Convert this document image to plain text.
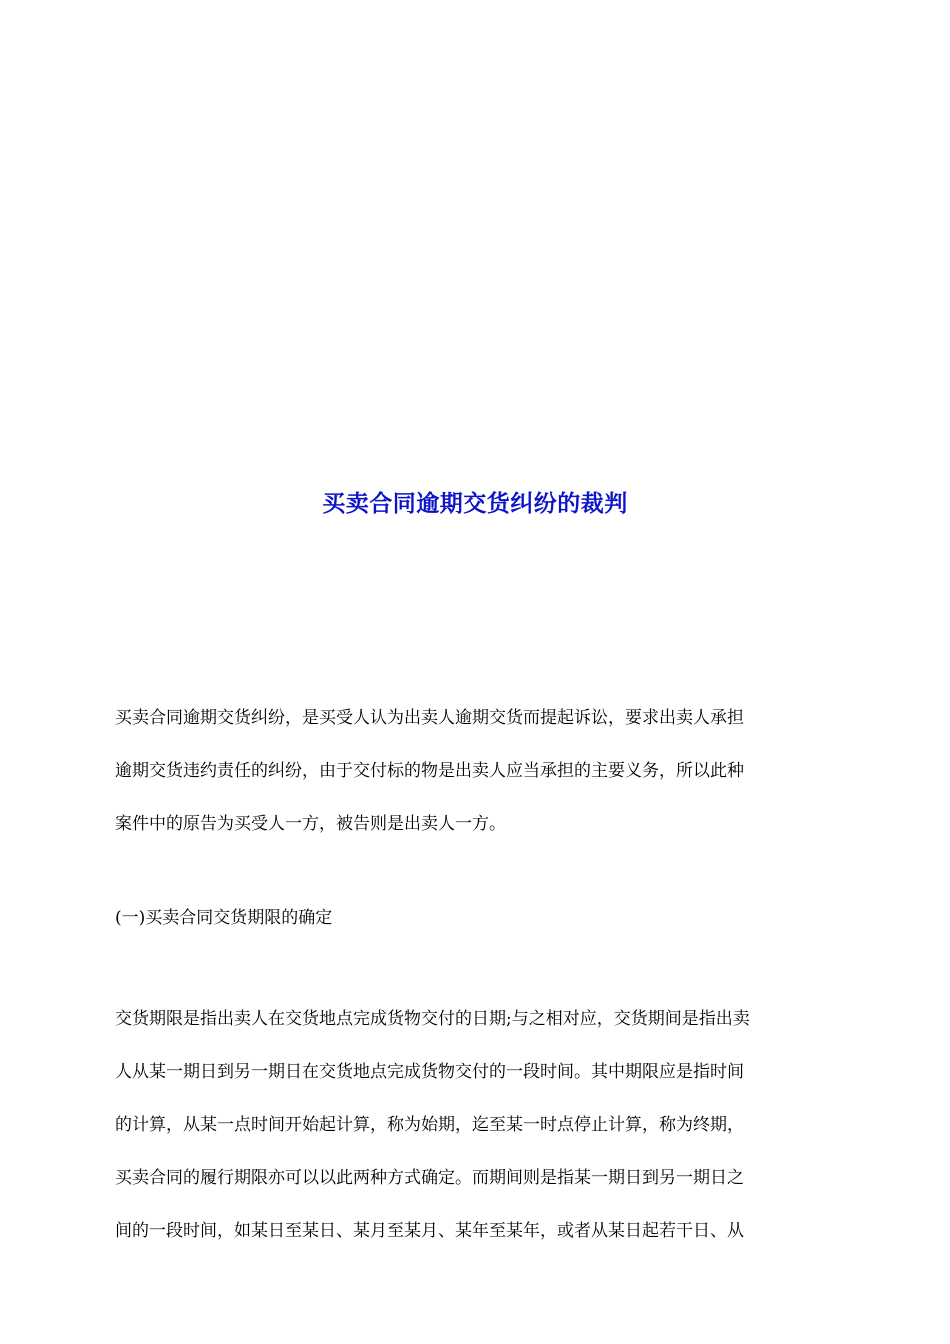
买卖合同逾期交货纠纷的裁判
买卖合同逾期交货纠纷，是买受人认为出卖人逾期交货而提起诉讼，要求出卖人承担
逾期交货违约责任的纠纷，由于交付标的物是出卖人应当承担的主要义务，所以此种
案件中的原告为买受人一方，被告则是出卖人一方。
(一)买卖合同交货期限的确定
交货期限是指出卖人在交货地点完成货物交付的日期;与之相对应，交货期间是指出卖
人从某一期日到另一期日在交货地点完成货物交付的一段时间。其中期限应是指时间
的计算，从某一点时间开始起计算，称为始期，迄至某一时点停止计算，称为终期，
买卖合同的履行期限亦可以以此两种方式确定。而期间则是指某一期日到另一期日之
间的一段时间，如某日至某日、某月至某月、某年至某年，或者从某日起若干日、从
